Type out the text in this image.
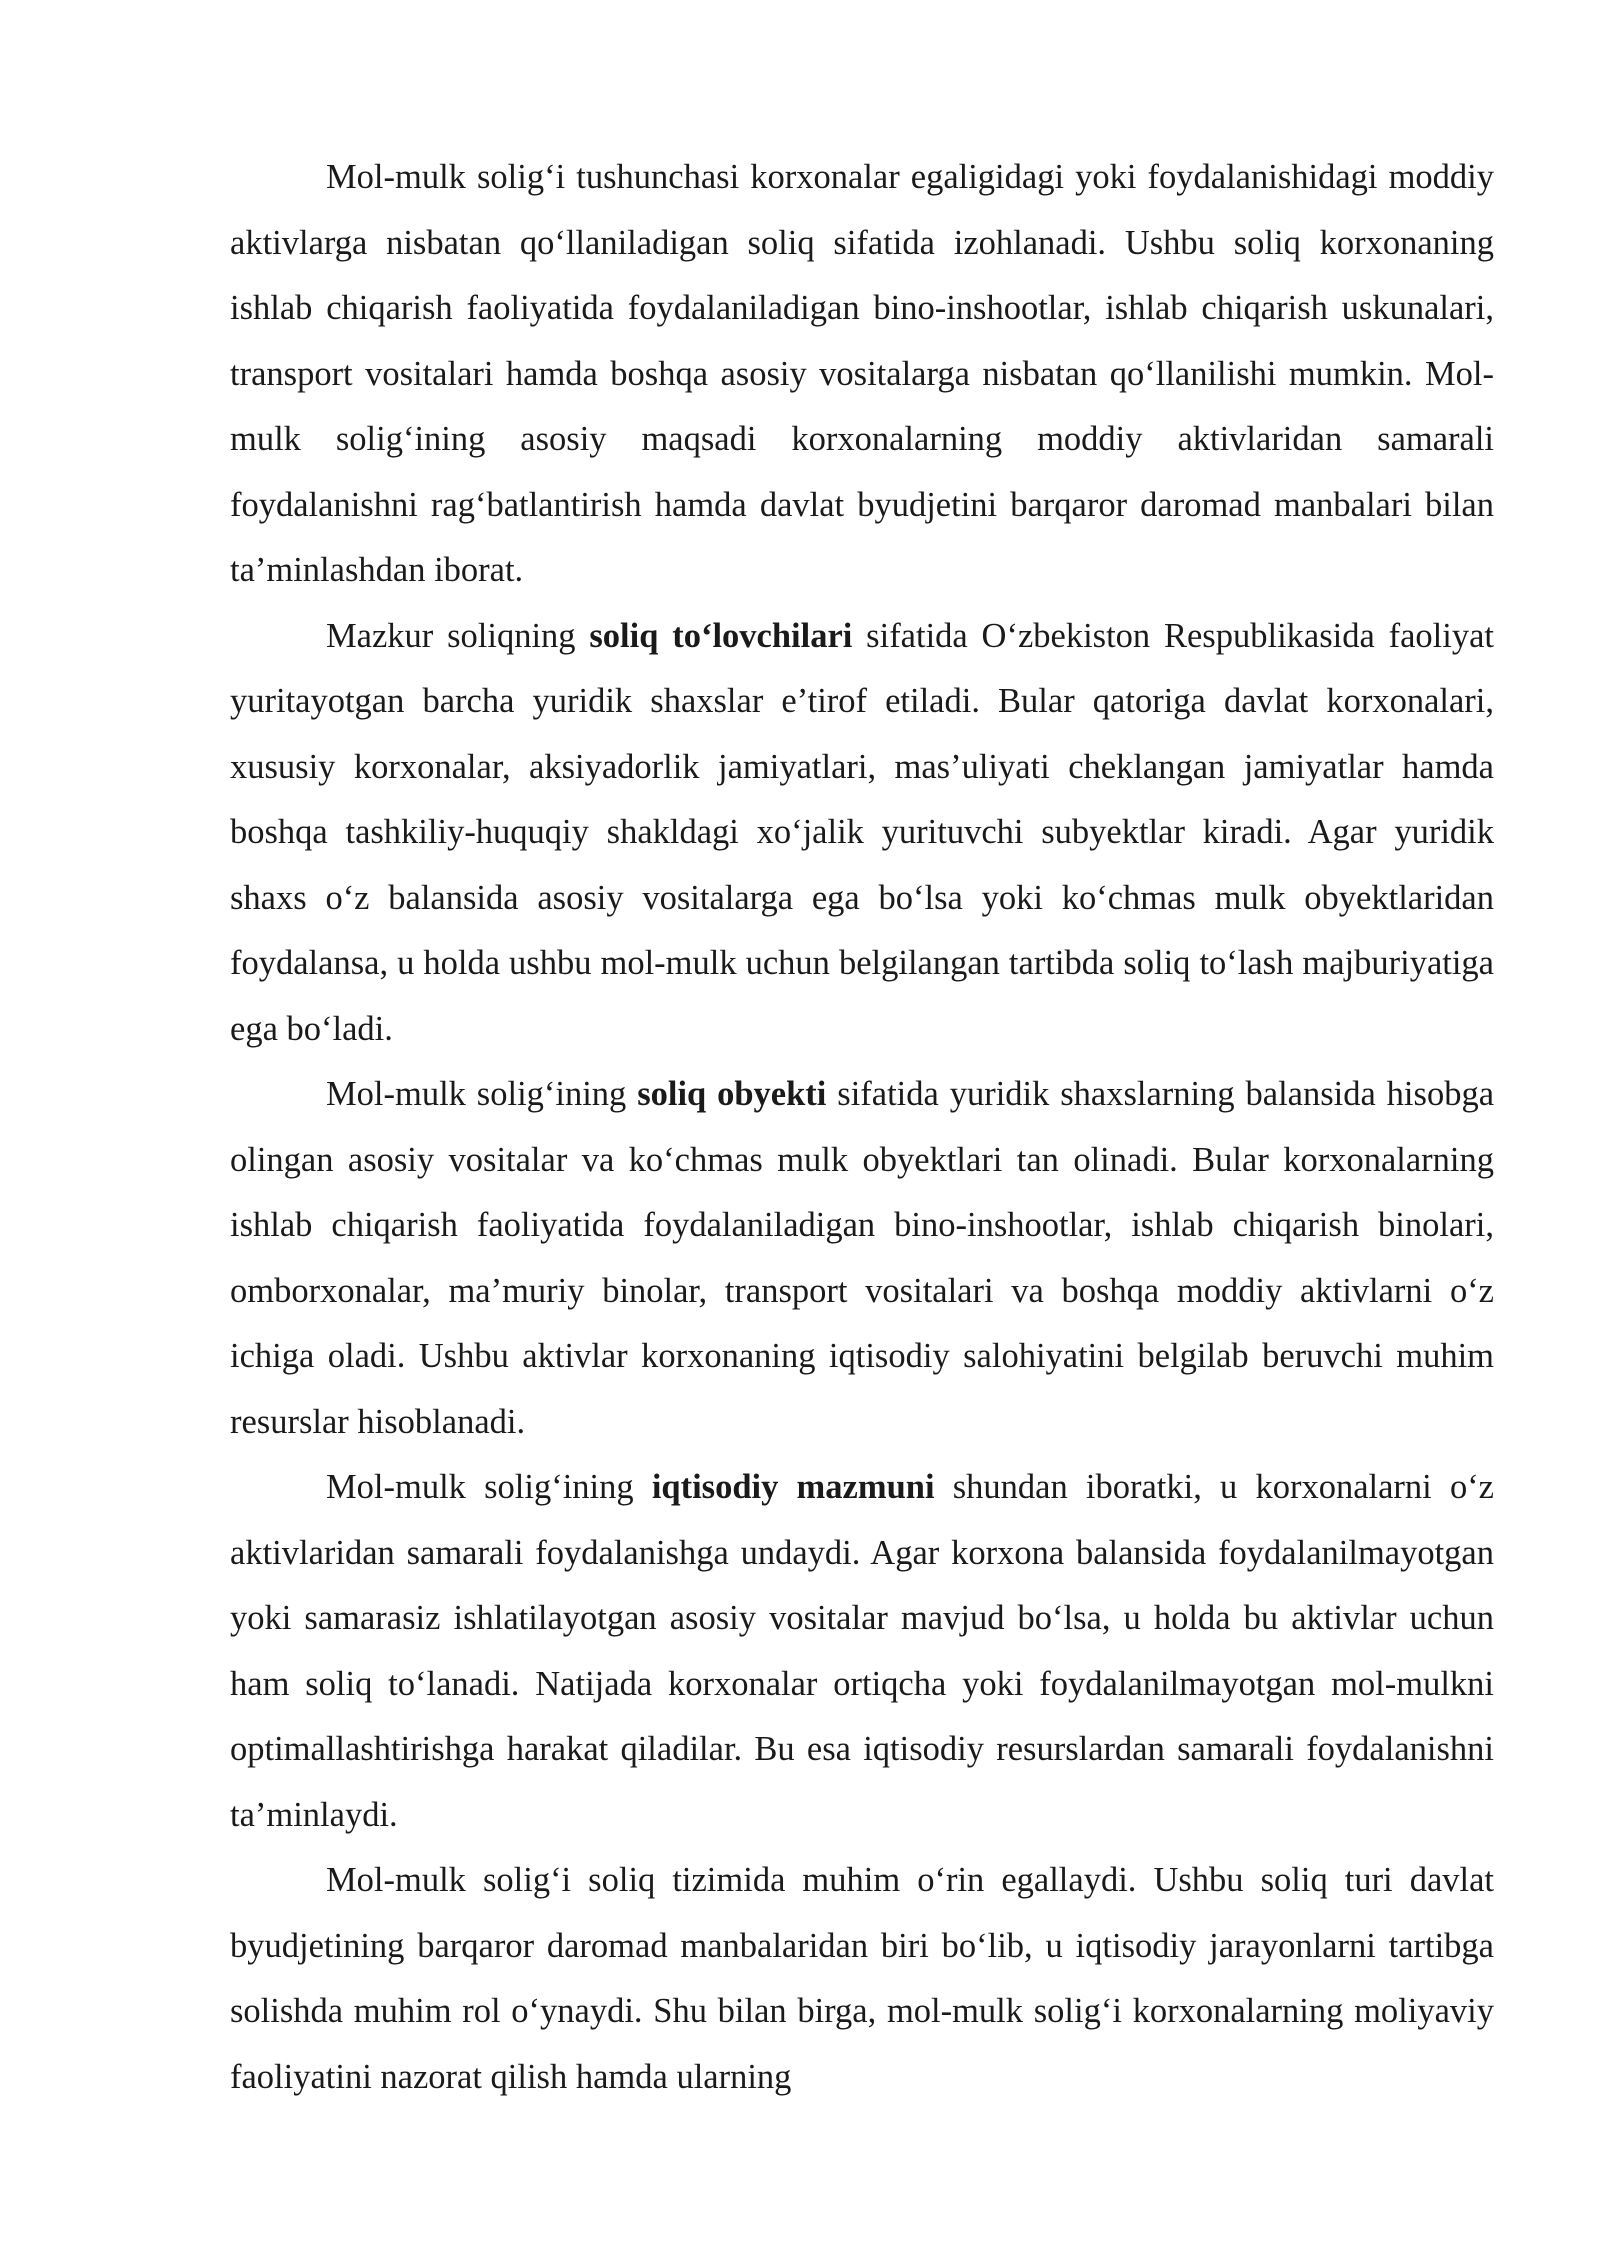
Mol-mulk solig‘i tushunchasi korxonalar egaligidagi yoki foydalanishidagi moddiy aktivlarga nisbatan qo‘llaniladigan soliq sifatida izohlanadi. Ushbu soliq korxonaning ishlab chiqarish faoliyatida foydalaniladigan bino-inshootlar, ishlab chiqarish uskunalari, transport vositalari hamda boshqa asosiy vositalarga nisbatan qo‘llanilishi mumkin. Mol-mulk solig‘ining asosiy maqsadi korxonalarning moddiy aktivlaridan samarali foydalanishni rag‘batlantirish hamda davlat byudjetini barqaror daromad manbalari bilan ta’minlashdan iborat.

Mazkur soliqning soliq to‘lovchilari sifatida O‘zbekiston Respublikasida faoliyat yuritayotgan barcha yuridik shaxslar e’tirof etiladi. Bular qatoriga davlat korxonalari, xususiy korxonalar, aksiyadorlik jamiyatlari, mas’uliyati cheklangan jamiyatlar hamda boshqa tashkiliy-huquqiy shakldagi xo‘jalik yurituvchi subyektlar kiradi. Agar yuridik shaxs o‘z balansida asosiy vositalarga ega bo‘lsa yoki ko‘chmas mulk obyektlaridan foydalansa, u holda ushbu mol-mulk uchun belgilangan tartibda soliq to‘lash majburiyatiga ega bo‘ladi.

Mol-mulk solig‘ining soliq obyekti sifatida yuridik shaxslarning balansida hisobga olingan asosiy vositalar va ko‘chmas mulk obyektlari tan olinadi. Bular korxonalarning ishlab chiqarish faoliyatida foydalaniladigan bino-inshootlar, ishlab chiqarish binolari, omborxonalar, ma’muriy binolar, transport vositalari va boshqa moddiy aktivlarni o‘z ichiga oladi. Ushbu aktivlar korxonaning iqtisodiy salohiyatini belgilab beruvchi muhim resurslar hisoblanadi.

Mol-mulk solig‘ining iqtisodiy mazmuni shundan iboratki, u korxonalarni o‘z aktivlaridan samarali foydalanishga undaydi. Agar korxona balansida foydalanilmayotgan yoki samarasiz ishlatilayotgan asosiy vositalar mavjud bo‘lsa, u holda bu aktivlar uchun ham soliq to‘lanadi. Natijada korxonalar ortiqcha yoki foydalanilmayotgan mol-mulkni optimallashtirishga harakat qiladilar. Bu esa iqtisodiy resurslardan samarali foydalanishni ta’minlaydi.

Mol-mulk solig‘i soliq tizimida muhim o‘rin egallaydi. Ushbu soliq turi davlat byudjetining barqaror daromad manbalaridan biri bo‘lib, u iqtisodiy jarayonlarni tartibga solishda muhim rol o‘ynaydi. Shu bilan birga, mol-mulk solig‘i korxonalarning moliyaviy faoliyatini nazorat qilish hamda ularning
